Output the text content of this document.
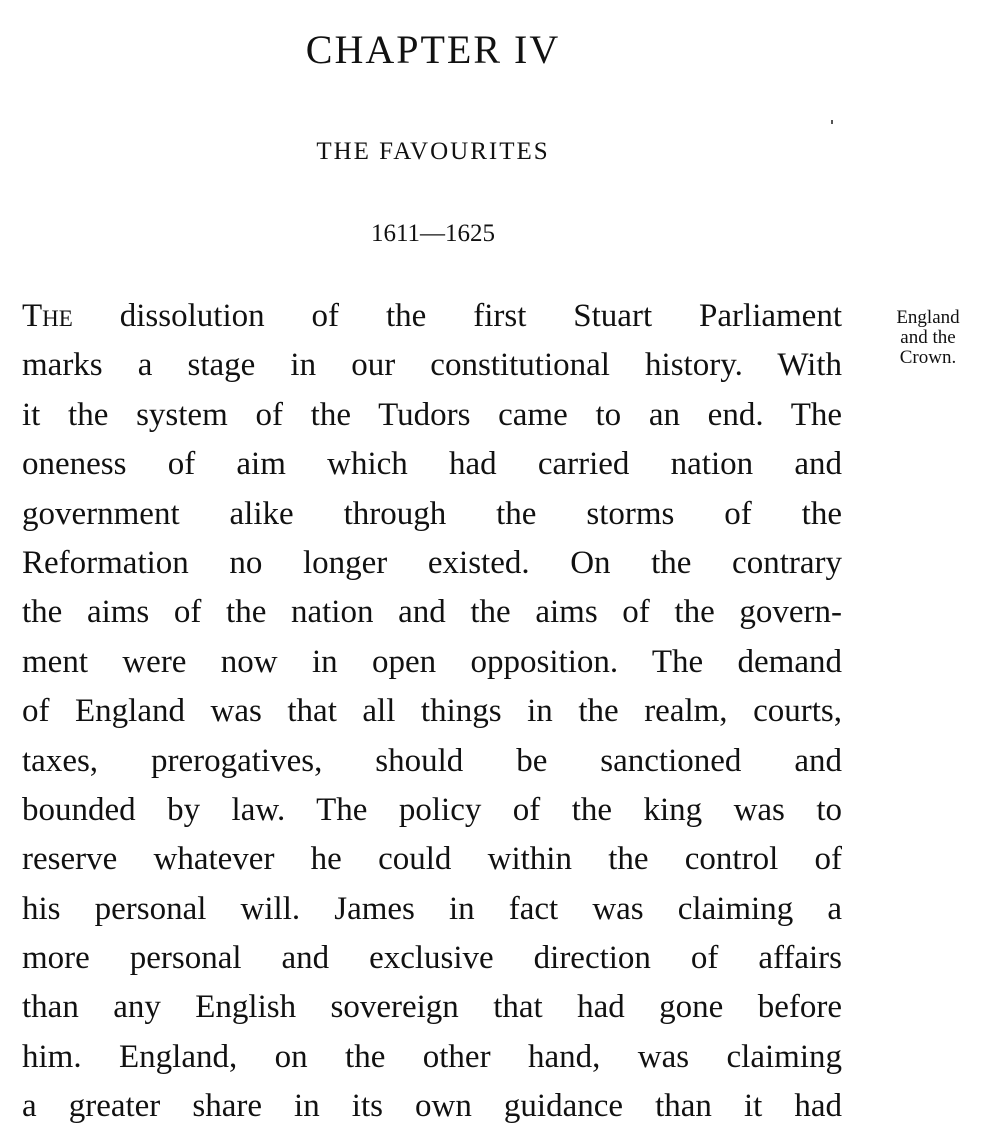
CHAPTER IV
THE FAVOURITES
1611—1625
England
and the
Crown.
The dissolution of the first Stuart Parliament
marks a stage in our constitutional history. With
it the system of the Tudors came to an end. The
oneness of aim which had carried nation and
government alike through the storms of the
Reformation no longer existed. On the contrary
the aims of the nation and the aims of the govern-
ment were now in open opposition. The demand
of England was that all things in the realm, courts,
taxes, prerogatives, should be sanctioned and
bounded by law. The policy of the king was to
reserve whatever he could within the control of
his personal will. James in fact was claiming a
more personal and exclusive direction of affairs
than any English sovereign that had gone before
him. England, on the other hand, was claiming
a greater share in its own guidance than it had
